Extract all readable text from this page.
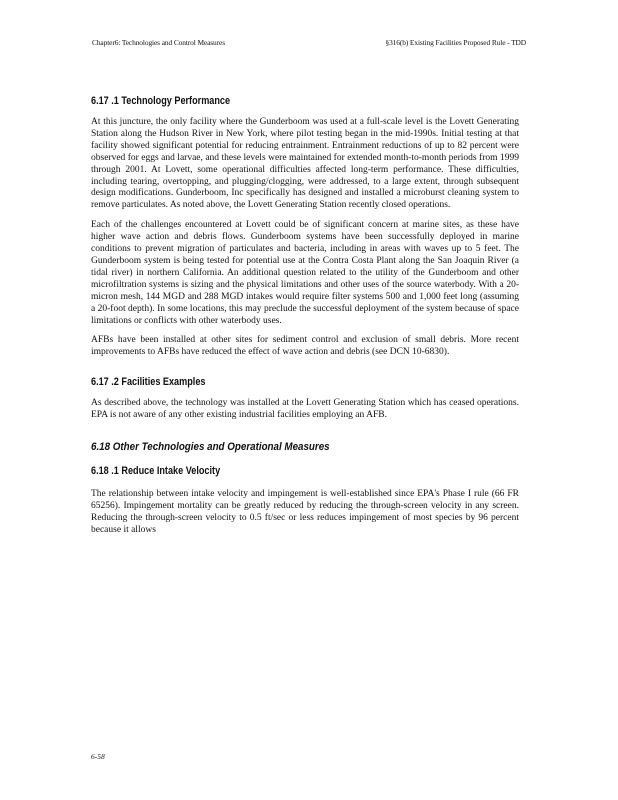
Chapter6: Technologies and Control Measures	§316(b) Existing Facilities Proposed Rule - TDD
6.17 .1 Technology Performance

At this juncture, the only facility where the Gunderboom was used at a full-scale level is the Lovett Generating Station along the Hudson River in New York, where pilot testing began in the mid-1990s. Initial testing at that facility showed significant potential for reducing entrainment. Entrainment reductions of up to 82 percent were observed for eggs and larvae, and these levels were maintained for extended month-to-month periods from 1999 through 2001. At Lovett, some operational difficulties affected long-term performance. These difficulties, including tearing, overtopping, and plugging/clogging, were addressed, to a large extent, through subsequent design modifications. Gunderboom, Inc specifically has designed and installed a microburst cleaning system to remove particulates. As noted above, the Lovett Generating Station recently closed operations.

Each of the challenges encountered at Lovett could be of significant concern at marine sites, as these have higher wave action and debris flows. Gunderboom systems have been successfully deployed in marine conditions to prevent migration of particulates and bacteria, including in areas with waves up to 5 feet. The Gunderboom system is being tested for potential use at the Contra Costa Plant along the San Joaquin River (a tidal river) in northern California. An additional question related to the utility of the Gunderboom and other microfiltration systems is sizing and the physical limitations and other uses of the source waterbody. With a 20-micron mesh, 144 MGD and 288 MGD intakes would require filter systems 500 and 1,000 feet long (assuming a 20-foot depth). In some locations, this may preclude the successful deployment of the system because of space limitations or conflicts with other waterbody uses.

AFBs have been installed at other sites for sediment control and exclusion of small debris. More recent improvements to AFBs have reduced the effect of wave action and debris (see DCN 10-6830).

6.17 .2 Facilities Examples

As described above, the technology was installed at the Lovett Generating Station which has ceased operations. EPA is not aware of any other existing industrial facilities employing an AFB.

6.18 Other Technologies and Operational Measures
6.18 .1 Reduce Intake Velocity

The relationship between intake velocity and impingement is well-established since EPA's Phase I rule (66 FR 65256). Impingement mortality can be greatly reduced by reducing the through-screen velocity in any screen. Reducing the through-screen velocity to 0.5 ft/sec or less reduces impingement of most species by 96 percent because it allows

6-58
